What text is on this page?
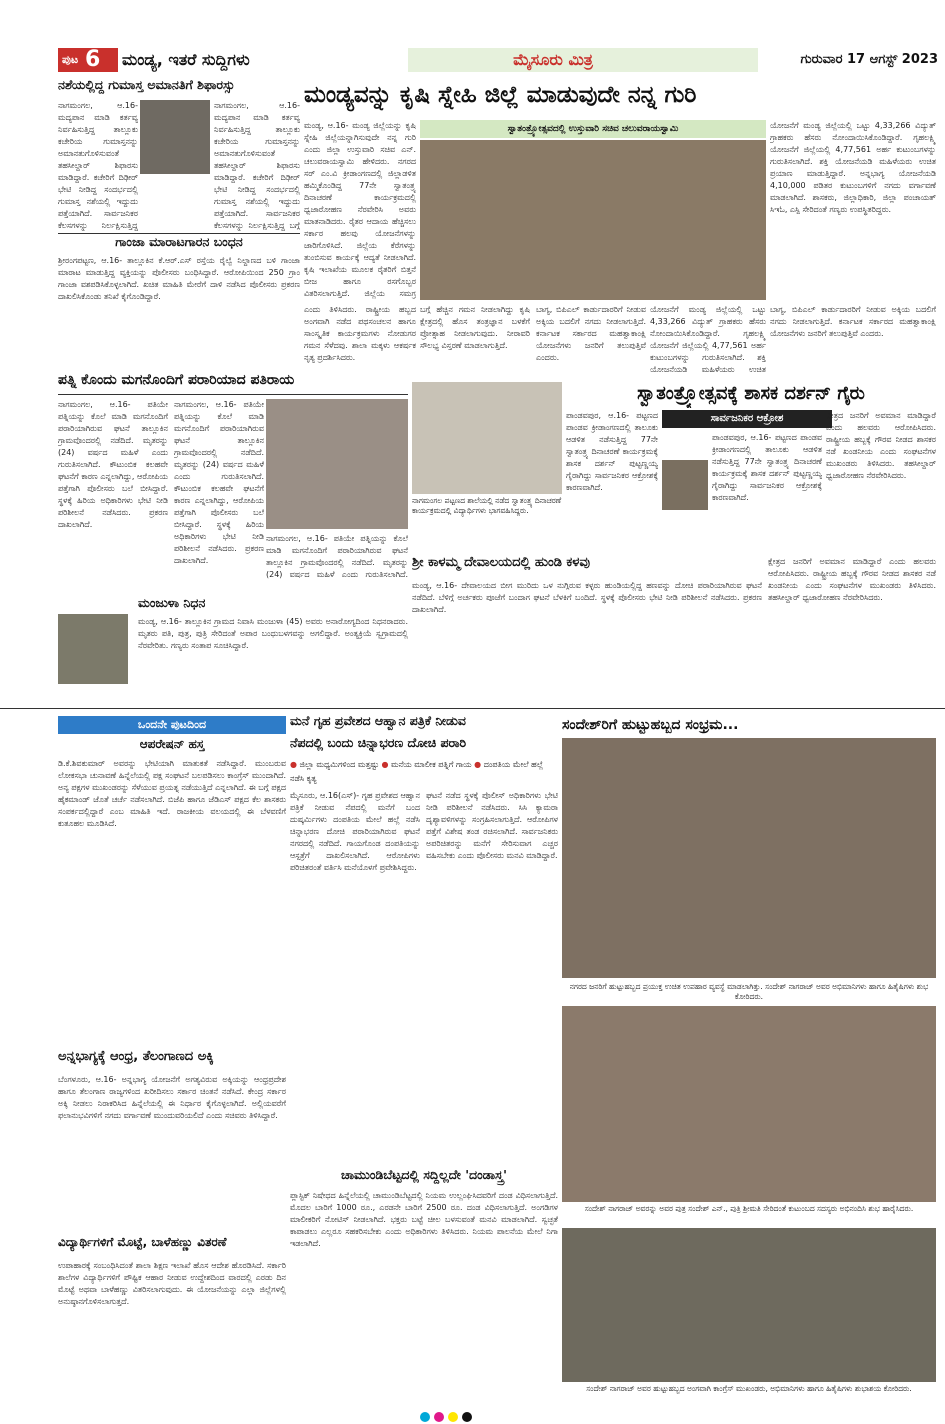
ಪುಟ 6	ಮಂಡ್ಯ, ಇತರೆ ಸುದ್ದಿಗಳು	ಮೈಸೂರು ಮಿತ್ರ	ಗುರುವಾರ 17 ಆಗಸ್ಟ್ 2023
ನಶೆಯಲ್ಲಿದ್ದ ಗುಮಾಸ್ತ ಅಮಾನತಿಗೆ ಶಿಫಾರಸ್ಸು
ನಾಗಮಂಗಲ, ಆ.16- ಮದ್ಯಪಾನ ಮಾಡಿ ಕರ್ತವ್ಯ ನಿರ್ವಹಿಸುತ್ತಿದ್ದ ತಾಲ್ಲೂಕು ಕಚೇರಿಯ ಗುಮಾಸ್ತನನ್ನು ಅಮಾನತುಗೊಳಿಸುವಂತೆ ತಹಸೀಲ್ದಾರ್ ಶಿಫಾರಸು ಮಾಡಿದ್ದಾರೆ. ಕಚೇರಿಗೆ ದಿಢೀರ್ ಭೇಟಿ ನೀಡಿದ್ದ ಸಂದರ್ಭದಲ್ಲಿ ಗುಮಾಸ್ತ ನಶೆಯಲ್ಲಿ ಇದ್ದುದು ಪತ್ತೆಯಾಗಿದೆ. ಸಾರ್ವಜನಿಕರ ಕೆಲಸಗಳನ್ನು ನಿರ್ಲಕ್ಷಿಸುತ್ತಿದ್ದ
ನಾಗಮಂಗಲ, ಆ.16- ಮದ್ಯಪಾನ ಮಾಡಿ ಕರ್ತವ್ಯ ನಿರ್ವಹಿಸುತ್ತಿದ್ದ ತಾಲ್ಲೂಕು ಕಚೇರಿಯ ಗುಮಾಸ್ತನನ್ನು ಅಮಾನತುಗೊಳಿಸುವಂತೆ ತಹಸೀಲ್ದಾರ್ ಶಿಫಾರಸು ಮಾಡಿದ್ದಾರೆ. ಕಚೇರಿಗೆ ದಿಢೀರ್ ಭೇಟಿ ನೀಡಿದ್ದ ಸಂದರ್ಭದಲ್ಲಿ ಗುಮಾಸ್ತ ನಶೆಯಲ್ಲಿ ಇದ್ದುದು ಪತ್ತೆಯಾಗಿದೆ. ಸಾರ್ವಜನಿಕರ ಕೆಲಸಗಳನ್ನು ನಿರ್ಲಕ್ಷಿಸುತ್ತಿದ್ದ ಬಗ್ಗೆ
ಗಾಂಜಾ ಮಾರಾಟಗಾರನ ಬಂಧನ
ಶ್ರೀರಂಗಪಟ್ಟಣ, ಆ.16- ತಾಲ್ಲೂಕಿನ ಕೆ.ಆರ್.ಎಸ್ ರಸ್ತೆಯ ರೈಲ್ವೆ ನಿಲ್ದಾಣದ ಬಳಿ ಗಾಂಜಾ ಮಾರಾಟ ಮಾಡುತ್ತಿದ್ದ ವ್ಯಕ್ತಿಯನ್ನು ಪೊಲೀಸರು ಬಂಧಿಸಿದ್ದಾರೆ. ಆರೋಪಿಯಿಂದ 250 ಗ್ರಾಂ ಗಾಂಜಾ ವಶಪಡಿಸಿಕೊಳ್ಳಲಾಗಿದೆ. ಖಚಿತ ಮಾಹಿತಿ ಮೇರೆಗೆ ದಾಳಿ ನಡೆಸಿದ ಪೊಲೀಸರು ಪ್ರಕರಣ ದಾಖಲಿಸಿಕೊಂಡು ತನಿಖೆ ಕೈಗೊಂಡಿದ್ದಾರೆ.
ಪತ್ನಿ ಕೊಂದು ಮಗನೊಂದಿಗೆ ಪರಾರಿಯಾದ ಪತಿರಾಯ
ನಾಗಮಂಗಲ, ಆ.16- ಪತಿಯೇ ಪತ್ನಿಯನ್ನು ಕೊಲೆ ಮಾಡಿ ಮಗನೊಂದಿಗೆ ಪರಾರಿಯಾಗಿರುವ ಘಟನೆ ತಾಲ್ಲೂಕಿನ ಗ್ರಾಮವೊಂದರಲ್ಲಿ ನಡೆದಿದೆ. ಮೃತರನ್ನು (24) ವರ್ಷದ ಮಹಿಳೆ ಎಂದು ಗುರುತಿಸಲಾಗಿದೆ. ಕೌಟುಂಬಿಕ ಕಲಹವೇ ಘಟನೆಗೆ ಕಾರಣ ಎನ್ನಲಾಗಿದ್ದು, ಆರೋಪಿಯ ಪತ್ತೆಗಾಗಿ ಪೊಲೀಸರು ಬಲೆ ಬೀಸಿದ್ದಾರೆ. ಸ್ಥಳಕ್ಕೆ ಹಿರಿಯ ಅಧಿಕಾರಿಗಳು ಭೇಟಿ ನೀಡಿ ಪರಿಶೀಲನೆ ನಡೆಸಿದರು. ಪ್ರಕರಣ ದಾಖಲಾಗಿದೆ.
ನಾಗಮಂಗಲ, ಆ.16- ಪತಿಯೇ ಪತ್ನಿಯನ್ನು ಕೊಲೆ ಮಾಡಿ ಮಗನೊಂದಿಗೆ ಪರಾರಿಯಾಗಿರುವ ಘಟನೆ ತಾಲ್ಲೂಕಿನ ಗ್ರಾಮವೊಂದರಲ್ಲಿ ನಡೆದಿದೆ. ಮೃತರನ್ನು (24) ವರ್ಷದ ಮಹಿಳೆ ಎಂದು ಗುರುತಿಸಲಾಗಿದೆ. ಕೌಟುಂಬಿಕ ಕಲಹವೇ ಘಟನೆಗೆ ಕಾರಣ ಎನ್ನಲಾಗಿದ್ದು, ಆರೋಪಿಯ ಪತ್ತೆಗಾಗಿ ಪೊಲೀಸರು ಬಲೆ ಬೀಸಿದ್ದಾರೆ. ಸ್ಥಳಕ್ಕೆ ಹಿರಿಯ ಅಧಿಕಾರಿಗಳು ಭೇಟಿ ನೀಡಿ ಪರಿಶೀಲನೆ ನಡೆಸಿದರು. ಪ್ರಕರಣ ದಾಖಲಾಗಿದೆ.
ನಾಗಮಂಗಲ, ಆ.16- ಪತಿಯೇ ಪತ್ನಿಯನ್ನು ಕೊಲೆ ಮಾಡಿ ಮಗನೊಂದಿಗೆ ಪರಾರಿಯಾಗಿರುವ ಘಟನೆ ತಾಲ್ಲೂಕಿನ ಗ್ರಾಮವೊಂದರಲ್ಲಿ ನಡೆದಿದೆ. ಮೃತರನ್ನು (24) ವರ್ಷದ ಮಹಿಳೆ ಎಂದು ಗುರುತಿಸಲಾಗಿದೆ.
ಮಂಜುಳಾ ನಿಧನ
ಮಂಡ್ಯ, ಆ.16- ತಾಲ್ಲೂಕಿನ ಗ್ರಾಮದ ನಿವಾಸಿ ಮಂಜುಳಾ (45) ಅವರು ಅನಾರೋಗ್ಯದಿಂದ ನಿಧನರಾದರು. ಮೃತರು ಪತಿ, ಪುತ್ರ, ಪುತ್ರಿ ಸೇರಿದಂತೆ ಅಪಾರ ಬಂಧುಬಳಗವನ್ನು ಅಗಲಿದ್ದಾರೆ. ಅಂತ್ಯಕ್ರಿಯೆ ಸ್ವಗ್ರಾಮದಲ್ಲಿ ನೆರವೇರಿತು. ಗಣ್ಯರು ಸಂತಾಪ ಸೂಚಿಸಿದ್ದಾರೆ.
ಮಂಡ್ಯವನ್ನು ಕೃಷಿ ಸ್ನೇಹಿ ಜಿಲ್ಲೆ ಮಾಡುವುದೇ ನನ್ನ ಗುರಿ
ಸ್ವಾತಂತ್ರ್ಯೋತ್ಸವದಲ್ಲಿ ಉಸ್ತುವಾರಿ ಸಚಿವ ಚಲುವರಾಯಸ್ವಾಮಿ
ಮಂಡ್ಯ, ಆ.16- ಮಂಡ್ಯ ಜಿಲ್ಲೆಯನ್ನು ಕೃಷಿ ಸ್ನೇಹಿ ಜಿಲ್ಲೆಯನ್ನಾಗಿಸುವುದೇ ನನ್ನ ಗುರಿ ಎಂದು ಜಿಲ್ಲಾ ಉಸ್ತುವಾರಿ ಸಚಿವ ಎನ್. ಚಲುವರಾಯಸ್ವಾಮಿ ಹೇಳಿದರು. ನಗರದ ಸರ್ ಎಂ.ವಿ ಕ್ರೀಡಾಂಗಣದಲ್ಲಿ ಜಿಲ್ಲಾಡಳಿತ ಹಮ್ಮಿಕೊಂಡಿದ್ದ 77ನೇ ಸ್ವಾತಂತ್ರ್ಯ ದಿನಾಚರಣೆ ಕಾರ್ಯಕ್ರಮದಲ್ಲಿ ಧ್ವಜಾರೋಹಣ ನೆರವೇರಿಸಿ ಅವರು ಮಾತನಾಡಿದರು. ರೈತರ ಆದಾಯ ಹೆಚ್ಚಿಸಲು ಸರ್ಕಾರ ಹಲವು ಯೋಜನೆಗಳನ್ನು ಜಾರಿಗೊಳಿಸಿದೆ. ಜಿಲ್ಲೆಯ ಕೆರೆಗಳನ್ನು ತುಂಬಿಸುವ ಕಾರ್ಯಕ್ಕೆ ಆದ್ಯತೆ ನೀಡಲಾಗಿದೆ. ಕೃಷಿ ಇಲಾಖೆಯ ಮೂಲಕ ರೈತರಿಗೆ ಬಿತ್ತನೆ ಬೀಜ ಹಾಗೂ ರಸಗೊಬ್ಬರ ವಿತರಿಸಲಾಗುತ್ತಿದೆ. ಜಿಲ್ಲೆಯ ಸಮಗ್ರ
ಯೋಜನೆಗೆ ಮಂಡ್ಯ ಜಿಲ್ಲೆಯಲ್ಲಿ ಒಟ್ಟು 4,33,266 ವಿದ್ಯುತ್ ಗ್ರಾಹಕರು ಹೆಸರು ನೋಂದಾಯಿಸಿಕೊಂಡಿದ್ದಾರೆ. ಗೃಹಲಕ್ಷ್ಮಿ ಯೋಜನೆಗೆ ಜಿಲ್ಲೆಯಲ್ಲಿ 4,77,561 ಅರ್ಹ ಕುಟುಂಬಗಳನ್ನು ಗುರುತಿಸಲಾಗಿದೆ. ಶಕ್ತಿ ಯೋಜನೆಯಡಿ ಮಹಿಳೆಯರು ಉಚಿತ ಪ್ರಯಾಣ ಮಾಡುತ್ತಿದ್ದಾರೆ. ಅನ್ನಭಾಗ್ಯ ಯೋಜನೆಯಡಿ 4,10,000 ಪಡಿತರ ಕುಟುಂಬಗಳಿಗೆ ನಗದು ವರ್ಗಾವಣೆ ಮಾಡಲಾಗಿದೆ. ಶಾಸಕರು, ಜಿಲ್ಲಾಧಿಕಾರಿ, ಜಿಲ್ಲಾ ಪಂಚಾಯತ್ ಸಿಇಓ, ಎಸ್ಪಿ ಸೇರಿದಂತೆ ಗಣ್ಯರು ಉಪಸ್ಥಿತರಿದ್ದರು.
ಎಂದು ತಿಳಿಸಿದರು. ರಾಷ್ಟ್ರೀಯ ಹಬ್ಬದ ಅಂಗವಾಗಿ ನಡೆದ ಪಥಸಂಚಲನ ಹಾಗೂ ಸಾಂಸ್ಕೃತಿಕ ಕಾರ್ಯಕ್ರಮಗಳು ನೋಡುಗರ ಗಮನ ಸೆಳೆದವು. ಶಾಲಾ ಮಕ್ಕಳು ಆಕರ್ಷಕ ನೃತ್ಯ ಪ್ರದರ್ಶಿಸಿದರು.
ಬಗ್ಗೆ ಹೆಚ್ಚಿನ ಗಮನ ನೀಡಲಾಗಿದ್ದು ಕೃಷಿ ಕ್ಷೇತ್ರದಲ್ಲಿ ಹೊಸ ತಂತ್ರಜ್ಞಾನ ಬಳಕೆಗೆ ಪ್ರೋತ್ಸಾಹ ನೀಡಲಾಗುವುದು. ನೀರಾವರಿ ಸೌಲಭ್ಯ ವಿಸ್ತರಣೆ ಮಾಡಲಾಗುತ್ತಿದೆ.
ಬಾಗ್ಯ, ಬಿಪಿಎಲ್ ಕಾರ್ಡುದಾರರಿಗೆ ನೀಡುವ ಅಕ್ಕಿಯ ಬದಲಿಗೆ ನಗದು ನೀಡಲಾಗುತ್ತಿದೆ. ಕರ್ನಾಟಕ ಸರ್ಕಾರದ ಮಹತ್ವಾಕಾಂಕ್ಷಿ ಯೋಜನೆಗಳು ಜನರಿಗೆ ತಲುಪುತ್ತಿವೆ ಎಂದರು.
ಯೋಜನೆಗೆ ಮಂಡ್ಯ ಜಿಲ್ಲೆಯಲ್ಲಿ ಒಟ್ಟು 4,33,266 ವಿದ್ಯುತ್ ಗ್ರಾಹಕರು ಹೆಸರು ನೋಂದಾಯಿಸಿಕೊಂಡಿದ್ದಾರೆ. ಗೃಹಲಕ್ಷ್ಮಿ ಯೋಜನೆಗೆ ಜಿಲ್ಲೆಯಲ್ಲಿ 4,77,561 ಅರ್ಹ ಕುಟುಂಬಗಳನ್ನು ಗುರುತಿಸಲಾಗಿದೆ. ಶಕ್ತಿ ಯೋಜನೆಯಡಿ ಮಹಿಳೆಯರು ಉಚಿತ
ಬಾಗ್ಯ, ಬಿಪಿಎಲ್ ಕಾರ್ಡುದಾರರಿಗೆ ನೀಡುವ ಅಕ್ಕಿಯ ಬದಲಿಗೆ ನಗದು ನೀಡಲಾಗುತ್ತಿದೆ. ಕರ್ನಾಟಕ ಸರ್ಕಾರದ ಮಹತ್ವಾಕಾಂಕ್ಷಿ ಯೋಜನೆಗಳು ಜನರಿಗೆ ತಲುಪುತ್ತಿವೆ ಎಂದರು.
ನಾಗಮಂಗಲ ಪಟ್ಟಣದ ಶಾಲೆಯಲ್ಲಿ ನಡೆದ ಸ್ವಾತಂತ್ರ್ಯ ದಿನಾಚರಣೆ ಕಾರ್ಯಕ್ರಮದಲ್ಲಿ ವಿದ್ಯಾರ್ಥಿಗಳು ಭಾಗವಹಿಸಿದ್ದರು.
ಸ್ವಾತಂತ್ರ್ಯೋತ್ಸವಕ್ಕೆ ಶಾಸಕ ದರ್ಶನ್ ಗೈರು
ಸಾರ್ವಜನಿಕರ ಆಕ್ರೋಶ
ಪಾಂಡವಪುರ, ಆ.16- ಪಟ್ಟಣದ ಪಾಂಡವ ಕ್ರೀಡಾಂಗಣದಲ್ಲಿ ತಾಲೂಕು ಆಡಳಿತ ನಡೆಸುತ್ತಿದ್ದ 77ನೇ ಸ್ವಾತಂತ್ರ್ಯ ದಿನಾಚರಣೆ ಕಾರ್ಯಕ್ರಮಕ್ಕೆ ಶಾಸಕ ದರ್ಶನ್ ಪುಟ್ಟಣ್ಣಯ್ಯ ಗೈರಾಗಿದ್ದು ಸಾರ್ವಜನಿಕರ ಆಕ್ರೋಶಕ್ಕೆ ಕಾರಣವಾಗಿದೆ.
ಪಾಂಡವಪುರ, ಆ.16- ಪಟ್ಟಣದ ಪಾಂಡವ ಕ್ರೀಡಾಂಗಣದಲ್ಲಿ ತಾಲೂಕು ಆಡಳಿತ ನಡೆಸುತ್ತಿದ್ದ 77ನೇ ಸ್ವಾತಂತ್ರ್ಯ ದಿನಾಚರಣೆ ಕಾರ್ಯಕ್ರಮಕ್ಕೆ ಶಾಸಕ ದರ್ಶನ್ ಪುಟ್ಟಣ್ಣಯ್ಯ ಗೈರಾಗಿದ್ದು ಸಾರ್ವಜನಿಕರ ಆಕ್ರೋಶಕ್ಕೆ ಕಾರಣವಾಗಿದೆ.
ಕ್ಷೇತ್ರದ ಜನರಿಗೆ ಅವಮಾನ ಮಾಡಿದ್ದಾರೆ ಎಂದು ಹಲವರು ಆರೋಪಿಸಿದರು. ರಾಷ್ಟ್ರೀಯ ಹಬ್ಬಕ್ಕೆ ಗೌರವ ನೀಡದ ಶಾಸಕರ ನಡೆ ಖಂಡನೀಯ ಎಂದು ಸಂಘಟನೆಗಳ ಮುಖಂಡರು ತಿಳಿಸಿದರು. ತಹಸೀಲ್ದಾರ್ ಧ್ವಜಾರೋಹಣ ನೆರವೇರಿಸಿದರು.
ಶ್ರೀ ಕಾಳಮ್ಮ ದೇವಾಲಯದಲ್ಲಿ ಹುಂಡಿ ಕಳವು
ಮಂಡ್ಯ, ಆ.16- ದೇವಾಲಯದ ಬೀಗ ಮುರಿದು ಒಳ ನುಗ್ಗಿರುವ ಕಳ್ಳರು ಹುಂಡಿಯಲ್ಲಿದ್ದ ಹಣವನ್ನು ದೋಚಿ ಪರಾರಿಯಾಗಿರುವ ಘಟನೆ ನಡೆದಿದೆ. ಬೆಳಿಗ್ಗೆ ಅರ್ಚಕರು ಪೂಜೆಗೆ ಬಂದಾಗ ಘಟನೆ ಬೆಳಕಿಗೆ ಬಂದಿದೆ. ಸ್ಥಳಕ್ಕೆ ಪೊಲೀಸರು ಭೇಟಿ ನೀಡಿ ಪರಿಶೀಲನೆ ನಡೆಸಿದರು. ಪ್ರಕರಣ ದಾಖಲಾಗಿದೆ.
ಕ್ಷೇತ್ರದ ಜನರಿಗೆ ಅವಮಾನ ಮಾಡಿದ್ದಾರೆ ಎಂದು ಹಲವರು ಆರೋಪಿಸಿದರು. ರಾಷ್ಟ್ರೀಯ ಹಬ್ಬಕ್ಕೆ ಗೌರವ ನೀಡದ ಶಾಸಕರ ನಡೆ ಖಂಡನೀಯ ಎಂದು ಸಂಘಟನೆಗಳ ಮುಖಂಡರು ತಿಳಿಸಿದರು. ತಹಸೀಲ್ದಾರ್ ಧ್ವಜಾರೋಹಣ ನೆರವೇರಿಸಿದರು.
ಒಂದನೇ ಪುಟದಿಂದ
ಆಪರೇಷನ್ ಹಸ್ತ
ಡಿ.ಕೆ.ಶಿವಕುಮಾರ್ ಅವರನ್ನು ಭೇಟಿಯಾಗಿ ಮಾತುಕತೆ ನಡೆಸಿದ್ದಾರೆ. ಮುಂಬರುವ ಲೋಕಸಭಾ ಚುನಾವಣೆ ಹಿನ್ನೆಲೆಯಲ್ಲಿ ಪಕ್ಷ ಸಂಘಟನೆ ಬಲಪಡಿಸಲು ಕಾಂಗ್ರೆಸ್ ಮುಂದಾಗಿದೆ. ಅನ್ಯ ಪಕ್ಷಗಳ ಮುಖಂಡರನ್ನು ಸೆಳೆಯುವ ಪ್ರಯತ್ನ ನಡೆಯುತ್ತಿದೆ ಎನ್ನಲಾಗಿದೆ. ಈ ಬಗ್ಗೆ ಪಕ್ಷದ ಹೈಕಮಾಂಡ್ ಜೊತೆ ಚರ್ಚೆ ನಡೆಸಲಾಗಿದೆ. ಬಿಜೆಪಿ ಹಾಗೂ ಜೆಡಿಎಸ್ ಪಕ್ಷದ ಕೆಲ ಶಾಸಕರು ಸಂಪರ್ಕದಲ್ಲಿದ್ದಾರೆ ಎಂಬ ಮಾಹಿತಿ ಇದೆ. ರಾಜಕೀಯ ವಲಯದಲ್ಲಿ ಈ ಬೆಳವಣಿಗೆ ಕುತೂಹಲ ಮೂಡಿಸಿದೆ.
ಅನ್ನಭಾಗ್ಯಕ್ಕೆ ಆಂಧ್ರ, ತೆಲಂಗಾಣದ ಅಕ್ಕಿ
ಬೆಂಗಳೂರು, ಆ.16- ಅನ್ನಭಾಗ್ಯ ಯೋಜನೆಗೆ ಅಗತ್ಯವಿರುವ ಅಕ್ಕಿಯನ್ನು ಆಂಧ್ರಪ್ರದೇಶ ಹಾಗೂ ತೆಲಂಗಾಣ ರಾಜ್ಯಗಳಿಂದ ಖರೀದಿಸಲು ಸರ್ಕಾರ ಚಿಂತನೆ ನಡೆಸಿದೆ. ಕೇಂದ್ರ ಸರ್ಕಾರ ಅಕ್ಕಿ ನೀಡಲು ನಿರಾಕರಿಸಿದ ಹಿನ್ನೆಲೆಯಲ್ಲಿ ಈ ನಿರ್ಧಾರ ಕೈಗೊಳ್ಳಲಾಗಿದೆ. ಅಲ್ಲಿಯವರೆಗೆ ಫಲಾನುಭವಿಗಳಿಗೆ ನಗದು ವರ್ಗಾವಣೆ ಮುಂದುವರಿಯಲಿದೆ ಎಂದು ಸಚಿವರು ತಿಳಿಸಿದ್ದಾರೆ.
ವಿದ್ಯಾರ್ಥಿಗಳಿಗೆ ಮೊಟ್ಟೆ, ಬಾಳೆಹಣ್ಣು ವಿತರಣೆ
ಉಪಾಹಾರಕ್ಕೆ ಸಂಬಂಧಿಸಿದಂತೆ ಶಾಲಾ ಶಿಕ್ಷಣ ಇಲಾಖೆ ಹೊಸ ಆದೇಶ ಹೊರಡಿಸಿದೆ. ಸರ್ಕಾರಿ ಶಾಲೆಗಳ ವಿದ್ಯಾರ್ಥಿಗಳಿಗೆ ಪೌಷ್ಟಿಕ ಆಹಾರ ನೀಡುವ ಉದ್ದೇಶದಿಂದ ವಾರದಲ್ಲಿ ಎರಡು ದಿನ ಮೊಟ್ಟೆ ಅಥವಾ ಬಾಳೆಹಣ್ಣು ವಿತರಿಸಲಾಗುವುದು. ಈ ಯೋಜನೆಯನ್ನು ಎಲ್ಲಾ ಜಿಲ್ಲೆಗಳಲ್ಲಿ ಅನುಷ್ಠಾನಗೊಳಿಸಲಾಗುತ್ತದೆ.
ಮನೆ ಗೃಹ ಪ್ರವೇಶದ ಆಹ್ವಾನ ಪತ್ರಿಕೆ ನೀಡುವ
ನೆಪದಲ್ಲಿ ಬಂದು ಚಿನ್ನಾಭರಣ ದೋಚಿ ಪರಾರಿ
● ಜಿಲ್ಲಾ ಮಧ್ಯಮಿಗಳಿಂದ ಮತ್ತಷ್ಟು ● ಮನೆಯ ಮಾಲೀಕ ಪತ್ನಿಗೆ ಗಾಯ ● ದಂಪತಿಯ ಮೇಲೆ ಹಲ್ಲೆ ನಡೆಸಿ ಕೃತ್ಯ
ಮೈಸೂರು, ಆ.16(ಎಸ್)- ಗೃಹ ಪ್ರವೇಶದ ಆಹ್ವಾನ ಪತ್ರಿಕೆ ನೀಡುವ ನೆಪದಲ್ಲಿ ಮನೆಗೆ ಬಂದ ದುಷ್ಕರ್ಮಿಗಳು ದಂಪತಿಯ ಮೇಲೆ ಹಲ್ಲೆ ನಡೆಸಿ ಚಿನ್ನಾಭರಣ ದೋಚಿ ಪರಾರಿಯಾಗಿರುವ ಘಟನೆ ನಗರದಲ್ಲಿ ನಡೆದಿದೆ. ಗಾಯಗೊಂಡ ದಂಪತಿಯನ್ನು ಆಸ್ಪತ್ರೆಗೆ ದಾಖಲಿಸಲಾಗಿದೆ. ಆರೋಪಿಗಳು ಪರಿಚಿತರಂತೆ ವರ್ತಿಸಿ ಮನೆಯೊಳಗೆ ಪ್ರವೇಶಿಸಿದ್ದರು.
ಘಟನೆ ನಡೆದ ಸ್ಥಳಕ್ಕೆ ಪೊಲೀಸ್ ಅಧಿಕಾರಿಗಳು ಭೇಟಿ ನೀಡಿ ಪರಿಶೀಲನೆ ನಡೆಸಿದರು. ಸಿಸಿ ಕ್ಯಾಮರಾ ದೃಶ್ಯಾವಳಿಗಳನ್ನು ಸಂಗ್ರಹಿಸಲಾಗುತ್ತಿದೆ. ಆರೋಪಿಗಳ ಪತ್ತೆಗೆ ವಿಶೇಷ ತಂಡ ರಚಿಸಲಾಗಿದೆ. ಸಾರ್ವಜನಿಕರು ಅಪರಿಚಿತರನ್ನು ಮನೆಗೆ ಸೇರಿಸುವಾಗ ಎಚ್ಚರ ವಹಿಸಬೇಕು ಎಂದು ಪೊಲೀಸರು ಮನವಿ ಮಾಡಿದ್ದಾರೆ.
ಚಾಮುಂಡಿಬೆಟ್ಟದಲ್ಲಿ ಸದ್ದಿಲ್ಲದೇ 'ದಂಡಾಸ್ತ್ರ'
ಪ್ಲಾಸ್ಟಿಕ್ ನಿಷೇಧದ ಹಿನ್ನೆಲೆಯಲ್ಲಿ ಚಾಮುಂಡಿಬೆಟ್ಟದಲ್ಲಿ ನಿಯಮ ಉಲ್ಲಂಘಿಸಿದವರಿಗೆ ದಂಡ ವಿಧಿಸಲಾಗುತ್ತಿದೆ. ಮೊದಲ ಬಾರಿಗೆ 1000 ರೂ., ಎರಡನೇ ಬಾರಿಗೆ 2500 ರೂ. ದಂಡ ವಿಧಿಸಲಾಗುತ್ತಿದೆ. ಅಂಗಡಿಗಳ ಮಾಲೀಕರಿಗೆ ನೋಟಿಸ್ ನೀಡಲಾಗಿದೆ. ಭಕ್ತರು ಬಟ್ಟೆ ಚೀಲ ಬಳಸುವಂತೆ ಮನವಿ ಮಾಡಲಾಗಿದೆ. ಸ್ವಚ್ಛತೆ ಕಾಪಾಡಲು ಎಲ್ಲರೂ ಸಹಕರಿಸಬೇಕು ಎಂದು ಅಧಿಕಾರಿಗಳು ತಿಳಿಸಿದರು. ನಿಯಮ ಪಾಲನೆಯ ಮೇಲೆ ನಿಗಾ ಇಡಲಾಗಿದೆ.
ಸಂದೇಶ್‌ರಿಗೆ ಹುಟ್ಟುಹಬ್ಬದ ಸಂಭ್ರಮ...
ನಗರದ ಜನರಿಗೆ ಹುಟ್ಟುಹಬ್ಬದ ಪ್ರಯುಕ್ತ ಉಚಿತ ಉಪಹಾರ ವ್ಯವಸ್ಥೆ ಮಾಡಲಾಗಿತ್ತು. ಸಂದೇಶ್ ನಾಗರಾಜ್ ಅವರ ಅಭಿಮಾನಿಗಳು ಹಾಗೂ ಹಿತೈಷಿಗಳು ಶುಭ ಕೋರಿದರು.
ಸಂದೇಶ್ ನಾಗರಾಜ್ ಅವರನ್ನು ಅವರ ಪುತ್ರ ಸಂದೇಶ್ ಎನ್., ಪುತ್ರಿ ಶ್ರೀಮತಿ ಸೇರಿದಂತೆ ಕುಟುಂಬದ ಸದಸ್ಯರು ಅಭಿನಂದಿಸಿ ಶುಭ ಹಾರೈಸಿದರು.
ಸಂದೇಶ್ ನಾಗರಾಜ್ ಅವರ ಹುಟ್ಟುಹಬ್ಬದ ಅಂಗವಾಗಿ ಕಾಂಗ್ರೆಸ್ ಮುಖಂಡರು, ಅಭಿಮಾನಿಗಳು ಹಾಗೂ ಹಿತೈಷಿಗಳು ಶುಭಾಶಯ ಕೋರಿದರು.
